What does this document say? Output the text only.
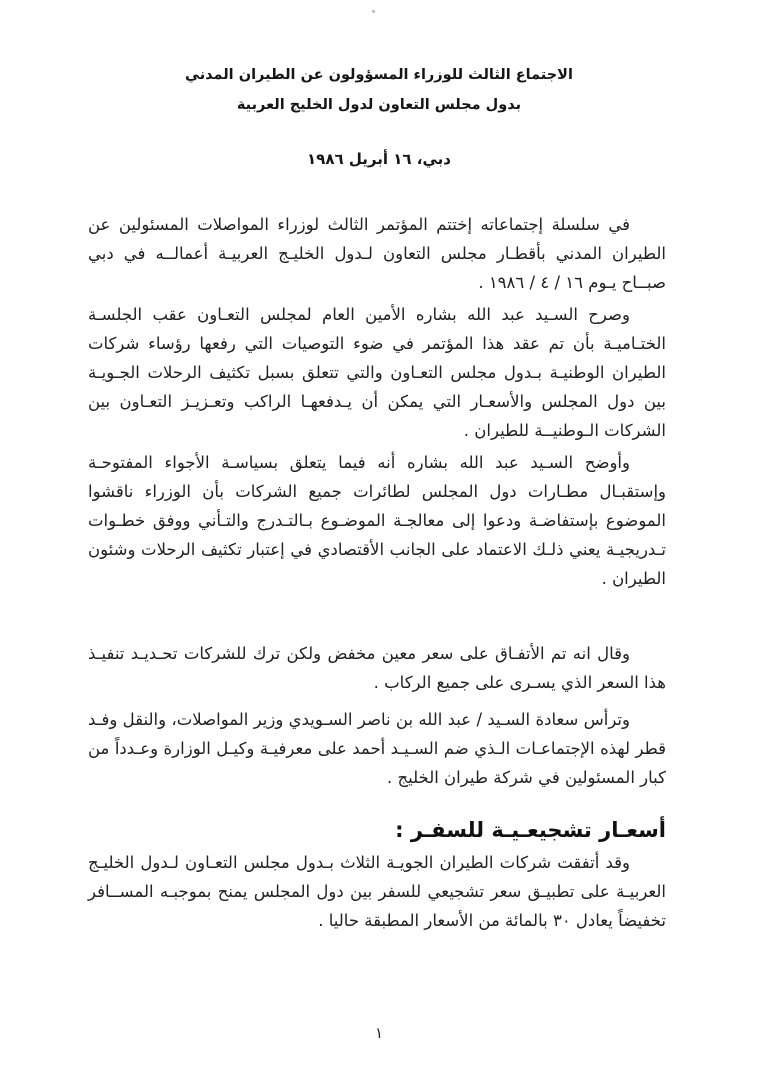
الاجتماع الثالث للوزراء المسؤولون عن الطيران المدني
بدول مجلس التعاون لدول الخليج العربية
دبي، ١٦ أبريل ١٩٨٦

في سلسلة إجتماعاته إختتم المؤتمر الثالث لوزراء المواصلات المسئولين عن الطيران المدني بأقطـار مجلس التعاون لـدول الخليـج العربيـة أعمالــه في دبي صبــاح يـوم ١٦ / ٤ / ١٩٨٦ .

وصرح السـيد عبد الله بشاره الأمين العام لمجلس التعـاون عقب الجلسـة الختـاميـة بأن تم عقد هذا المؤتمر في ضوء التوصيات التي رفعها رؤساء شركات الطيران الوطنيـة بـدول مجلس التعـاون والتي تتعلق بسبل تكثيف الرحلات الجـويـة بين دول المجلس والأسعـار التي يمكن أن يـدفعهـا الراكب وتعـزيـز التعـاون بين الشركات الـوطنيــة للطيران .

وأوضح السـيد عبد الله بشاره أنه فيما يتعلق بسياسـة الأجواء المفتوحـة وإستقبـال مطـارات دول المجلس لطائرات جميع الشركات بأن الوزراء ناقشوا الموضوع بإستفاضـة ودعوا إلى معالجـة الموضـوع بـالتـدرج والتـأني ووفق خطـوات تـدريجيـة يعني ذلـك الاعتماد على الجانب الأقتصادي في إعتبار تكثيف الرحلات وشئون الطيران .

وقال انه تم الأتفـاق على سعر معين مخفض ولكن ترك للشركات تحـديـد تنفيـذ هذا السعر الذي يسـرى على جميع الركاب .

وترأس سعادة السـيد / عبد الله بن ناصر السـويدي وزير المواصلات، والنقل وفـد قطر لهذه الإجتماعـات الـذي ضم السـيـد أحمد على معرفيـة وكيـل الوزارة وعـدداً من كبار المسئولين في شركة طيران الخليج .

أسعـار تشجيعـيـة للسفـر :

وقد أتفقت شركات الطيران الجويـة الثلاث بـدول مجلس التعـاون لـدول الخليـج العربيـة على تطبيـق سعر تشجيعي للسفر بين دول المجلس يمنح بموجبـه المســافر تخفيضاً يعادل ٣٠ بالمائة من الأسعار المطبقة حاليا .

١
